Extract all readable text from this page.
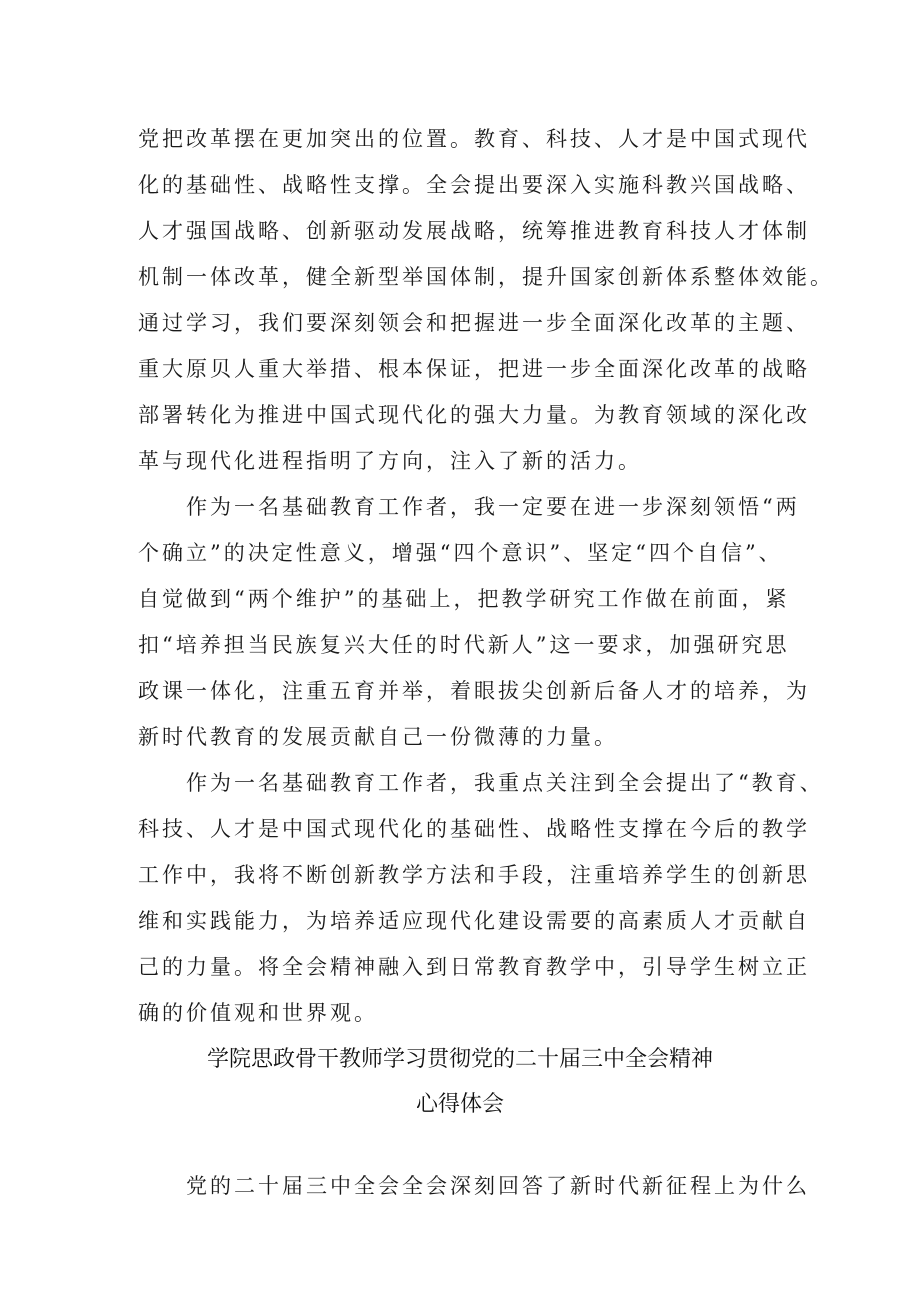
党把改革摆在更加突出的位置。教育、科技、人才是中国式现代
化的基础性、战略性支撑。全会提出要深入实施科教兴国战略、
人才强国战略、创新驱动发展战略，统筹推进教育科技人才体制
机制一体改革，健全新型举国体制，提升国家创新体系整体效能。
通过学习，我们要深刻领会和把握进一步全面深化改革的主题、
重大原贝人重大举措、根本保证，把进一步全面深化改革的战略
部署转化为推进中国式现代化的强大力量。为教育领域的深化改
革与现代化进程指明了方向，注入了新的活力。
作为一名基础教育工作者，我一定要在进一步深刻领悟“两
个确立”的决定性意义，增强“四个意识”、坚定“四个自信”、
自觉做到“两个维护”的基础上，把教学研究工作做在前面，紧
扣“培养担当民族复兴大任的时代新人”这一要求，加强研究思
政课一体化，注重五育并举，着眼拔尖创新后备人才的培养，为
新时代教育的发展贡献自己一份微薄的力量。
作为一名基础教育工作者，我重点关注到全会提出了“教育、
科技、人才是中国式现代化的基础性、战略性支撑在今后的教学
工作中，我将不断创新教学方法和手段，注重培养学生的创新思
维和实践能力，为培养适应现代化建设需要的高素质人才贡献自
己的力量。将全会精神融入到日常教育教学中，引导学生树立正
确的价值观和世界观。
学院思政骨干教师学习贯彻党的二十届三中全会精神
心得体会
党的二十届三中全会全会深刻回答了新时代新征程上为什么
